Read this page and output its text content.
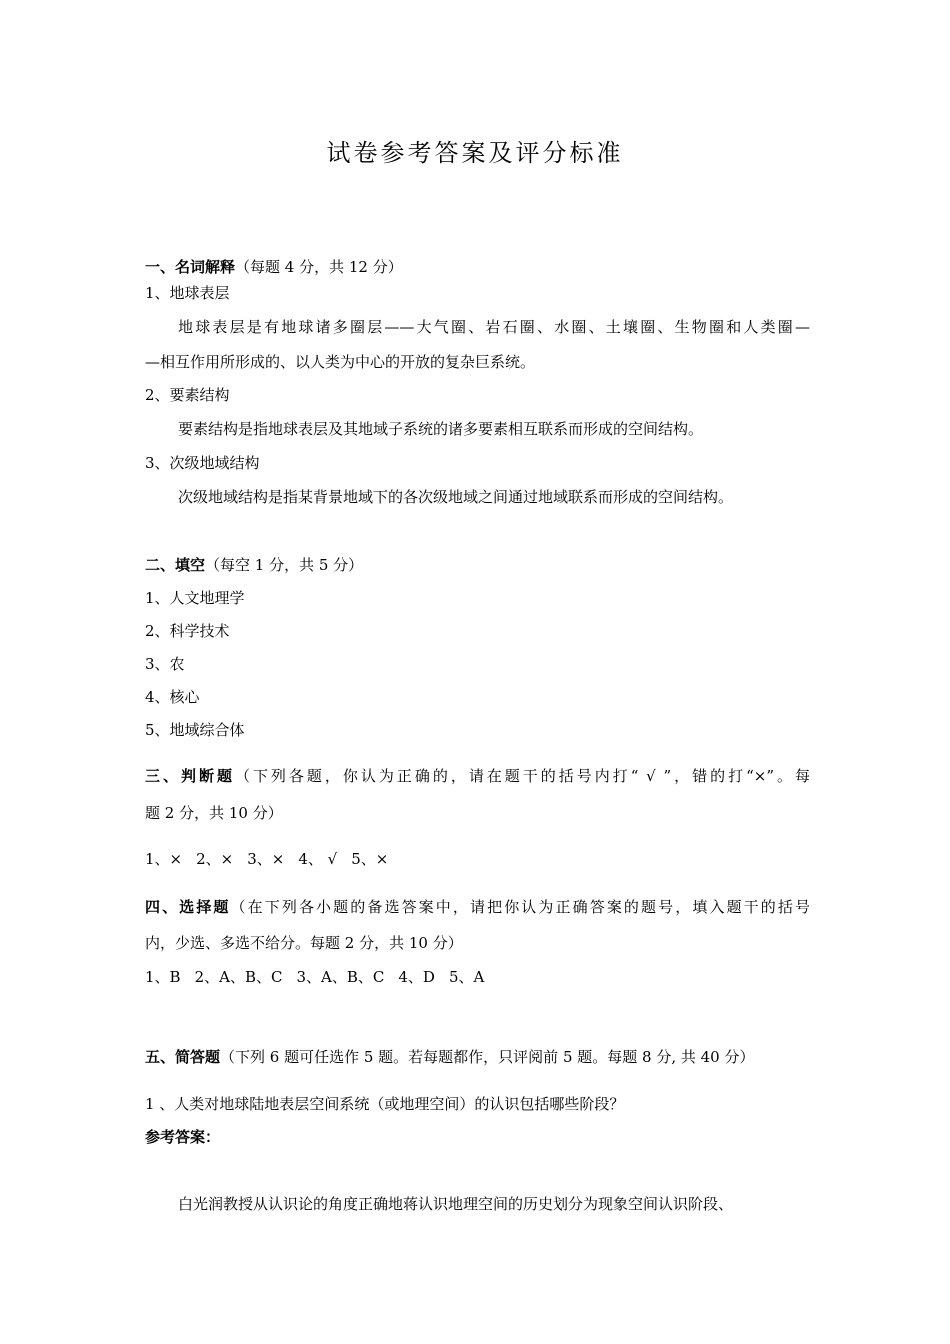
试卷参考答案及评分标准
一、名词解释（每题 4 分，共 12 分）
1、地球表层
地球表层是有地球诸多圈层——大气圈、岩石圈、水圈、土壤圈、生物圈和人类圈—
—相互作用所形成的、以人类为中心的开放的复杂巨系统。
2、要素结构
要素结构是指地球表层及其地域子系统的诸多要素相互联系而形成的空间结构。
3、次级地域结构
次级地域结构是指某背景地域下的各次级地域之间通过地域联系而形成的空间结构。
二、填空（每空 1 分，共 5 分）
1、人文地理学
2、科学技术
3、农
4、核心
5、地域综合体
三、判断题（下列各题，你认为正确的，请在题干的括号内打“ √ ”，错的打“×”。每
题 2 分，共 10 分）
1、× 2、× 3、× 4、 √ 5、×
四、选择题（在下列各小题的备选答案中，请把你认为正确答案的题号，填入题干的括号
内，少选、多选不给分。每题 2 分，共 10 分）
1、B 2、A、B、C 3、A、B、C 4、D 5、A
五、简答题（下列 6 题可任选作 5 题。若每题都作，只评阅前 5 题。每题 8 分, 共 40 分）
1 、人类对地球陆地表层空间系统（或地理空间）的认识包括哪些阶段？
参考答案：
白光润教授从认识论的角度正确地蒋认识地理空间的历史划分为现象空间认识阶段、
